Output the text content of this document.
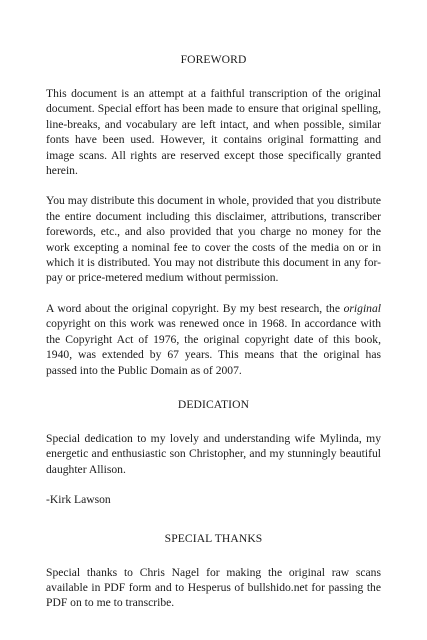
FOREWORD

This document is an attempt at a faithful transcription of the original document. Special effort has been made to ensure that original spelling, line-breaks, and vocabulary are left intact, and when possible, similar fonts have been used. However, it contains original formatting and image scans. All rights are reserved except those specifically granted herein.

You may distribute this document in whole, provided that you distribute the entire document including this disclaimer, attributions, transcriber forewords, etc., and also provided that you charge no money for the work excepting a nominal fee to cover the costs of the media on or in which it is distributed. You may not distribute this document in any for-pay or price-metered medium without permission.

A word about the original copyright. By my best research, the original copyright on this work was renewed once in 1968. In accordance with the Copyright Act of 1976, the original copyright date of this book, 1940, was extended by 67 years. This means that the original has passed into the Public Domain as of 2007.

DEDICATION

Special dedication to my lovely and understanding wife Mylinda, my energetic and enthusiastic son Christopher, and my stunningly beautiful daughter Allison.

-Kirk Lawson

SPECIAL THANKS

Special thanks to Chris Nagel for making the original raw scans available in PDF form and to Hesperus of bullshido.net for passing the PDF on to me to transcribe.
